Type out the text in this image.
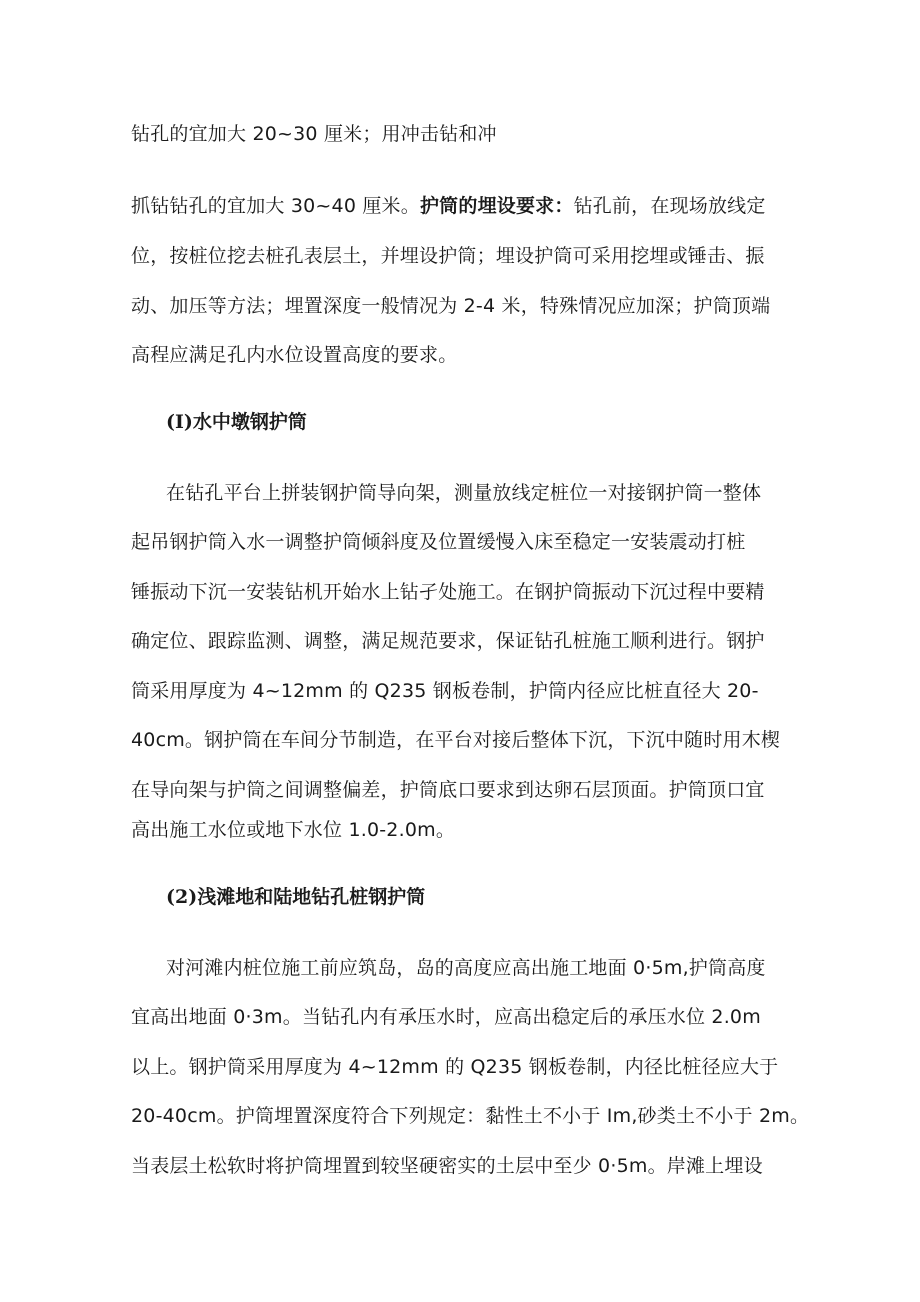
钻孔的宜加大 20~30 厘米；用冲击钻和冲
抓钻钻孔的宜加大 30~40 厘米。护筒的埋设要求：钻孔前，在现场放线定
位，按桩位挖去桩孔表层土，并埋设护筒；埋设护筒可采用挖埋或锤击、振
动、加压等方法；埋置深度一般情况为 2-4 米，特殊情况应加深；护筒顶端
高程应满足孔内水位设置高度的要求。
(I)水中墩钢护筒
在钻孔平台上拼装钢护筒导向架，测量放线定桩位一对接钢护筒一整体
起吊钢护筒入水一调整护筒倾斜度及位置缓慢入床至稳定一安装震动打桩
锤振动下沉一安装钻机开始水上钻孑处施工。在钢护筒振动下沉过程中要精
确定位、跟踪监测、调整，满足规范要求，保证钻孔桩施工顺利进行。钢护
筒采用厚度为 4~12mm 的 Q235 钢板卷制，护筒内径应比桩直径大 20-
40cm。钢护筒在车间分节制造，在平台对接后整体下沉，下沉中随时用木楔
在导向架与护筒之间调整偏差，护筒底口要求到达卵石层顶面。护筒顶口宜
高出施工水位或地下水位 1.0-2.0m。
(2)浅滩地和陆地钻孔桩钢护筒
对河滩内桩位施工前应筑岛，岛的高度应高出施工地面 0·5m,护筒高度
宜高出地面 0·3m。当钻孔内有承压水时，应高出稳定后的承压水位 2.0m
以上。钢护筒采用厚度为 4~12mm 的 Q235 钢板卷制，内径比桩径应大于
20-40cm。护筒埋置深度符合下列规定：黏性土不小于 Im,砂类土不小于 2m。
当表层土松软时将护筒埋置到较坚硬密实的土层中至少 0·5m。岸滩上埋设
